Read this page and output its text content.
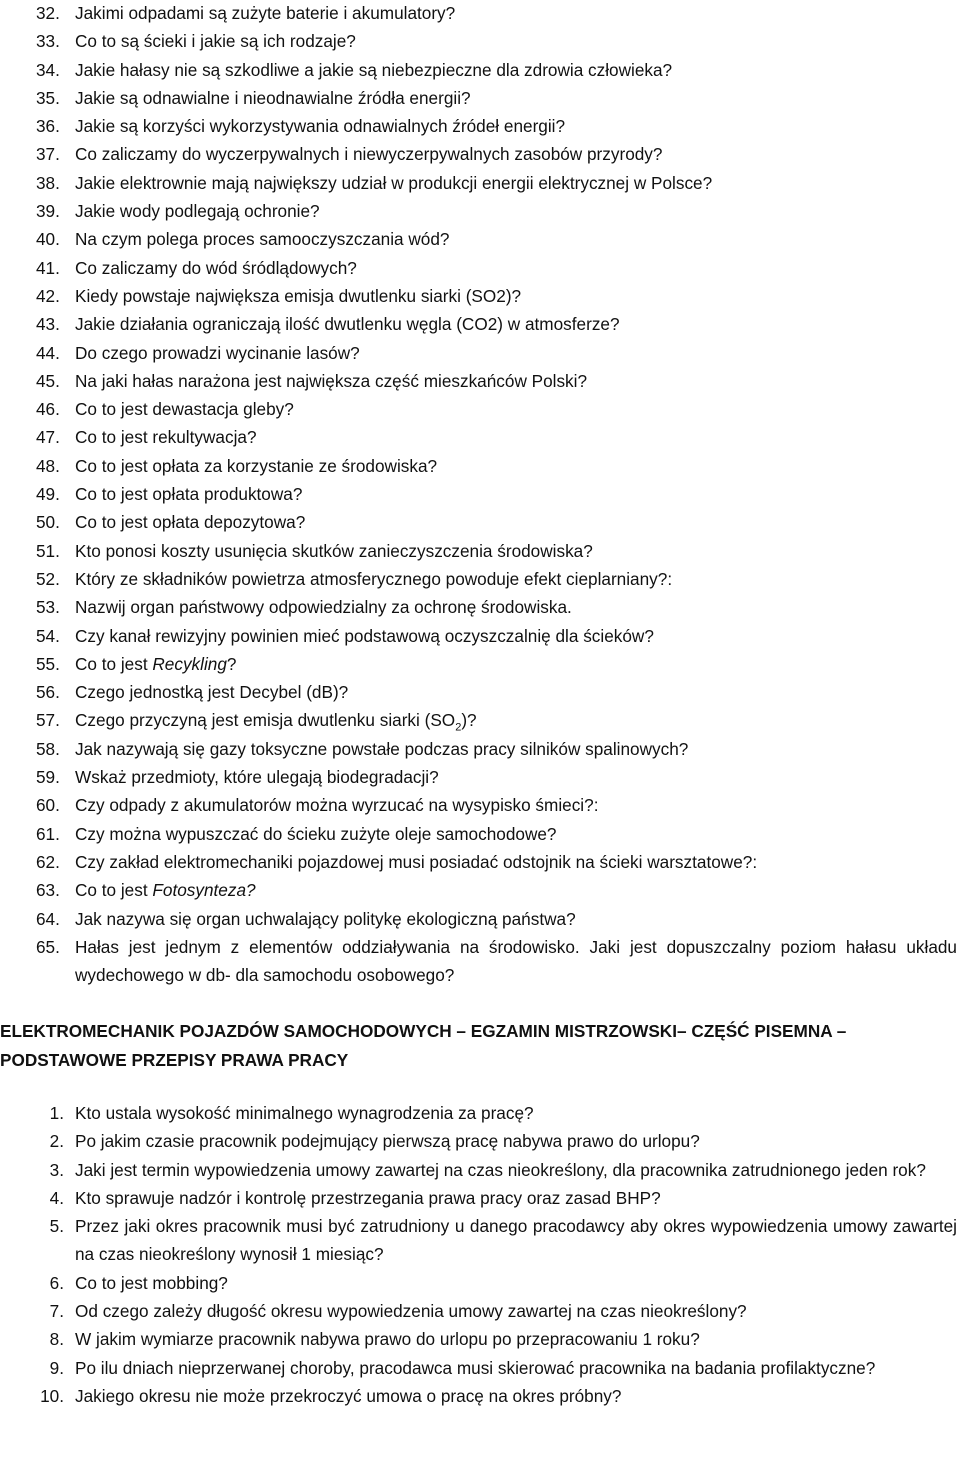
32. Jakimi odpadami są zużyte baterie i akumulatory?
33. Co to są ścieki i jakie są ich rodzaje?
34. Jakie hałasy nie są szkodliwe a jakie są niebezpieczne dla zdrowia człowieka?
35. Jakie są odnawialne i nieodnawialne źródła energii?
36. Jakie są korzyści wykorzystywania odnawialnych źródeł energii?
37. Co zaliczamy do wyczerpywalnych i niewyczerpywalnych zasobów przyrody?
38. Jakie elektrownie mają największy udział w produkcji energii elektrycznej w Polsce?
39. Jakie wody podlegają ochronie?
40. Na czym polega proces samooczyszczania wód?
41. Co zaliczamy do wód śródlądowych?
42. Kiedy powstaje największa emisja dwutlenku siarki (SO2)?
43. Jakie działania ograniczają ilość dwutlenku węgla (CO2) w atmosferze?
44. Do czego prowadzi wycinanie lasów?
45. Na jaki hałas narażona jest największa część mieszkańców Polski?
46. Co to jest dewastacja gleby?
47. Co to jest rekultywacja?
48. Co to jest opłata za korzystanie ze środowiska?
49. Co to jest opłata produktowa?
50. Co to jest opłata depozytowa?
51. Kto ponosi koszty usunięcia skutków zanieczyszczenia środowiska?
52. Który ze składników powietrza atmosferycznego powoduje efekt cieplarniany?:
53. Nazwij organ państwowy odpowiedzialny za ochronę środowiska.
54. Czy kanał rewizyjny powinien mieć podstawową oczyszczalnię dla ścieków?
55. Co to jest Recykling?
56. Czego jednostką jest Decybel (dB)?
57. Czego przyczyną jest emisja dwutlenku siarki $(SO_2)$?
58. Jak nazywają się gazy toksyczne powstałe podczas pracy silników spalinowych?
59. Wskaż przedmioty, które ulegają biodegradacji?
60. Czy odpady z akumulatorów można wyrzucać na wysypisko śmieci?:
61. Czy można wypuszczać do ścieku zużyte oleje samochodowe?
62. Czy zakład elektromechaniki pojazdowej musi posiadać odstojnik na ścieki warsztatowe?:
63. Co to jest Fotosynteza?
64. Jak nazywa się organ uchwalający politykę ekologiczną państwa?
65. Hałas jest jednym z elementów oddziaływania na środowisko. Jaki jest dopuszczalny poziom hałasu układu wydechowego w db- dla samochodu osobowego?
ELEKTROMECHANIK POJAZDÓW SAMOCHODOWYCH – EGZAMIN MISTRZOWSKI– CZĘŚĆ PISEMNA –
PODSTAWOWE PRZEPISY PRAWA PRACY
1. Kto ustala wysokość minimalnego wynagrodzenia za pracę?
2. Po jakim czasie pracownik podejmujący pierwszą pracę nabywa prawo do urlopu?
3. Jaki jest termin wypowiedzenia umowy zawartej na czas nieokreślony, dla pracownika zatrudnionego jeden rok?
4. Kto sprawuje nadzór i kontrolę przestrzegania prawa pracy oraz zasad BHP?
5. Przez jaki okres pracownik musi być zatrudniony u danego pracodawcy aby okres wypowiedzenia umowy zawartej na czas nieokreślony wynosił 1 miesiąc?
6. Co to jest mobbing?
7. Od czego zależy długość okresu wypowiedzenia umowy zawartej na czas nieokreślony?
8. W jakim wymiarze pracownik nabywa prawo do urlopu po przepracowaniu 1 roku?
9. Po ilu dniach nieprzerwanej choroby, pracodawca musi skierować pracownika na badania profilaktyczne?
10. Jakiego okresu nie może przekroczyć umowa o pracę na okres próbny?
